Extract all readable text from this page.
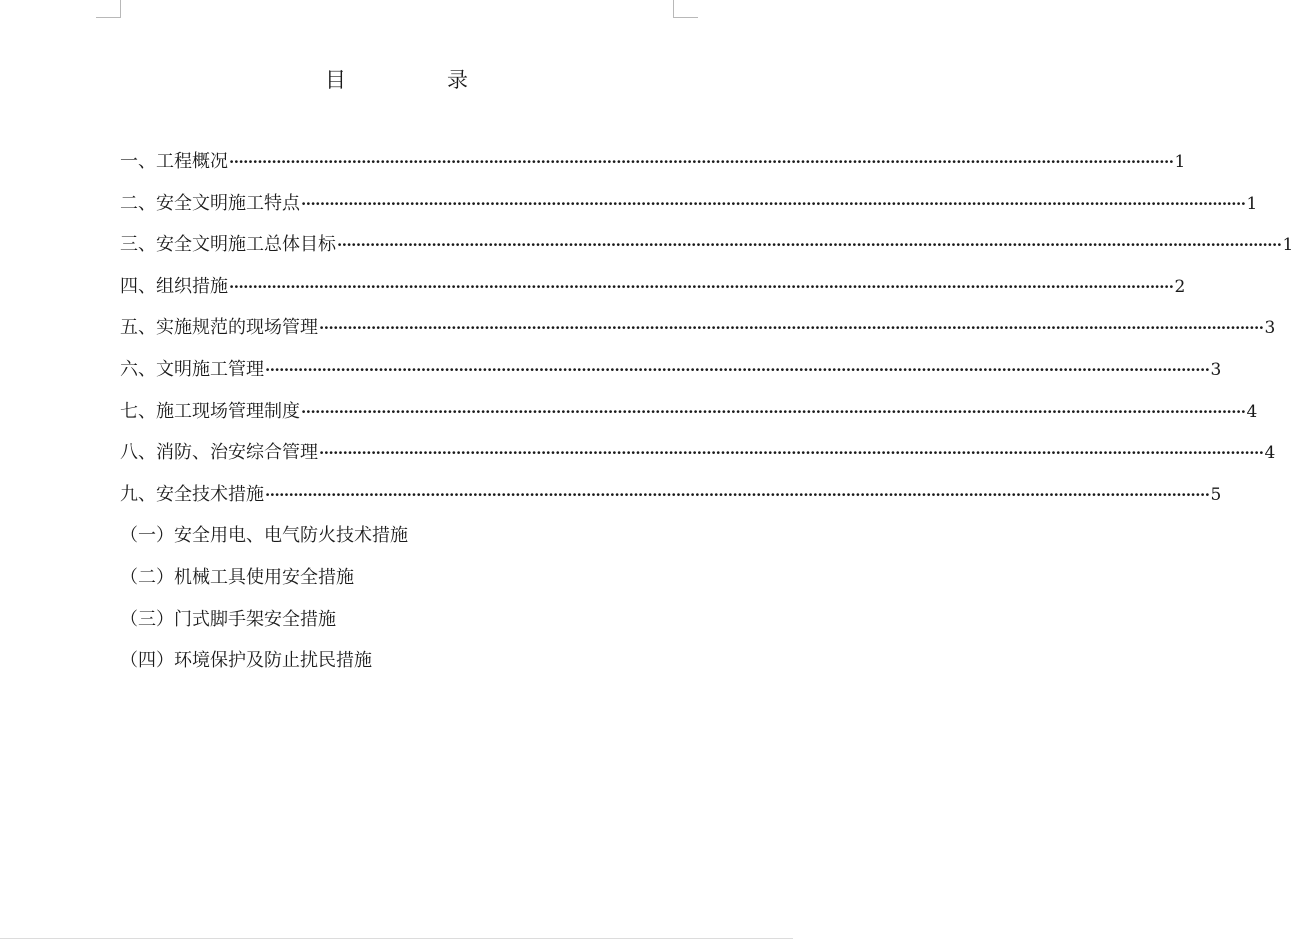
目　录
一、工程概况 ········································································································································································································ 1
二、安全文明施工特点 ········································································································································································································ 1
三、安全文明施工总体目标 ········································································································································································································ 1
四、组织措施 ········································································································································································································ 2
五、实施规范的现场管理 ········································································································································································································ 3
六、文明施工管理 ········································································································································································································ 3
七、施工现场管理制度 ········································································································································································································ 4
八、消防、治安综合管理 ········································································································································································································ 4
九、安全技术措施 ········································································································································································································ 5
（一）安全用电、电气防火技术措施
（二）机械工具使用安全措施
（三）门式脚手架安全措施
（四）环境保护及防止扰民措施
